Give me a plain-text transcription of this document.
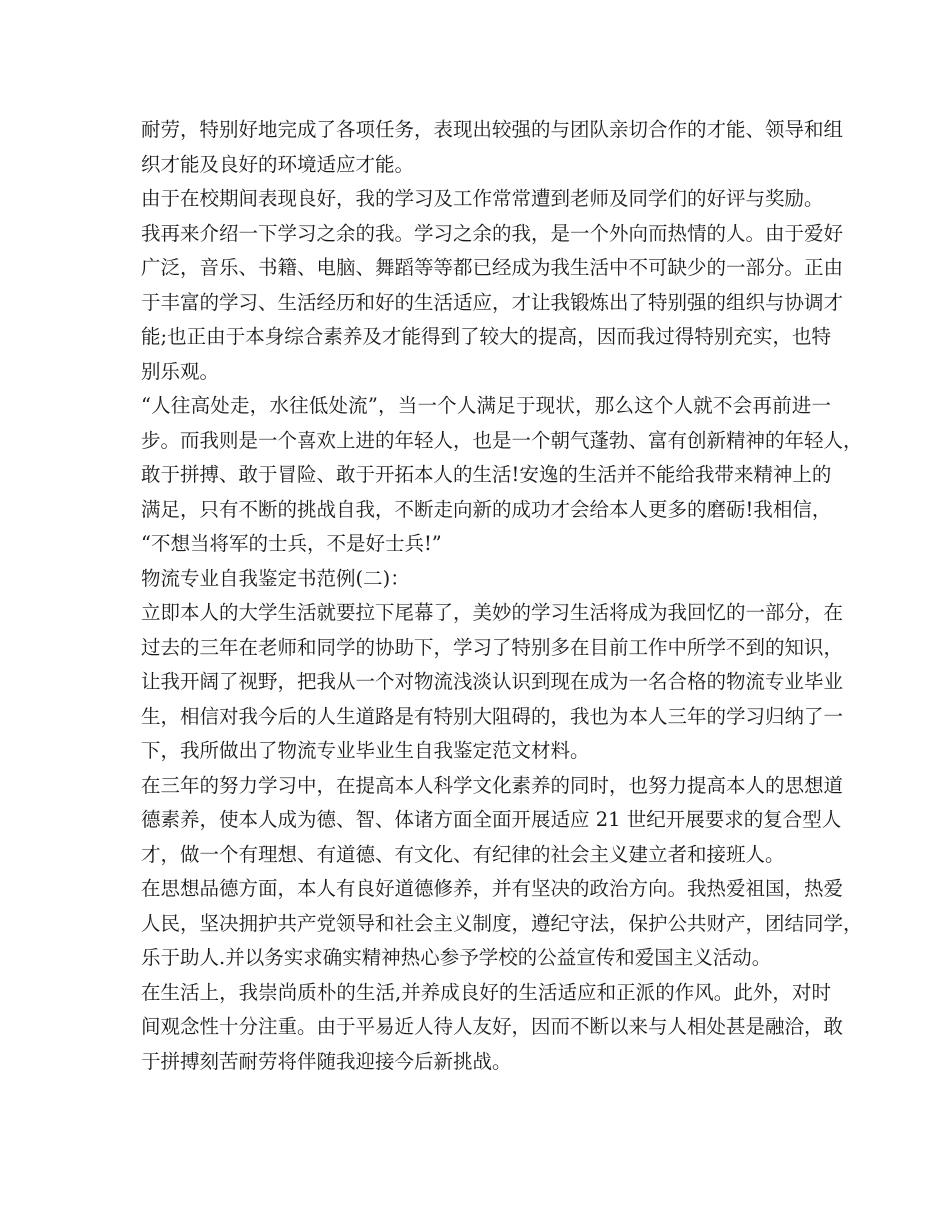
耐劳，特别好地完成了各项任务，表现出较强的与团队亲切合作的才能、领导和组
织才能及良好的环境适应才能。
由于在校期间表现良好，我的学习及工作常常遭到老师及同学们的好评与奖励。
我再来介绍一下学习之余的我。学习之余的我，是一个外向而热情的人。由于爱好
广泛，音乐、书籍、电脑、舞蹈等等都已经成为我生活中不可缺少的一部分。正由
于丰富的学习、生活经历和好的生活适应，才让我锻炼出了特别强的组织与协调才
能;也正由于本身综合素养及才能得到了较大的提高，因而我过得特别充实，也特
别乐观。
“人往高处走，水往低处流”，当一个人满足于现状，那么这个人就不会再前进一
步。而我则是一个喜欢上进的年轻人，也是一个朝气蓬勃、富有创新精神的年轻人，
敢于拼搏、敢于冒险、敢于开拓本人的生活!安逸的生活并不能给我带来精神上的
满足，只有不断的挑战自我，不断走向新的成功才会给本人更多的磨砺!我相信，
“不想当将军的士兵，不是好士兵!”
物流专业自我鉴定书范例(二)：
立即本人的大学生活就要拉下尾幕了，美妙的学习生活将成为我回忆的一部分，在
过去的三年在老师和同学的协助下，学习了特别多在目前工作中所学不到的知识，
让我开阔了视野，把我从一个对物流浅淡认识到现在成为一名合格的物流专业毕业
生，相信对我今后的人生道路是有特别大阻碍的，我也为本人三年的学习归纳了一
下，我所做出了物流专业毕业生自我鉴定范文材料。
在三年的努力学习中，在提高本人科学文化素养的同时，也努力提高本人的思想道
德素养，使本人成为德、智、体诸方面全面开展适应 21 世纪开展要求的复合型人
才，做一个有理想、有道德、有文化、有纪律的社会主义建立者和接班人。
在思想品德方面，本人有良好道德修养，并有坚决的政治方向。我热爱祖国，热爱
人民，坚决拥护共产党领导和社会主义制度，遵纪守法，保护公共财产，团结同学，
乐于助人.并以务实求确实精神热心参予学校的公益宣传和爱国主义活动。
在生活上，我崇尚质朴的生活,并养成良好的生活适应和正派的作风。此外，对时
间观念性十分注重。由于平易近人待人友好，因而不断以来与人相处甚是融洽，敢
于拼搏刻苦耐劳将伴随我迎接今后新挑战。
